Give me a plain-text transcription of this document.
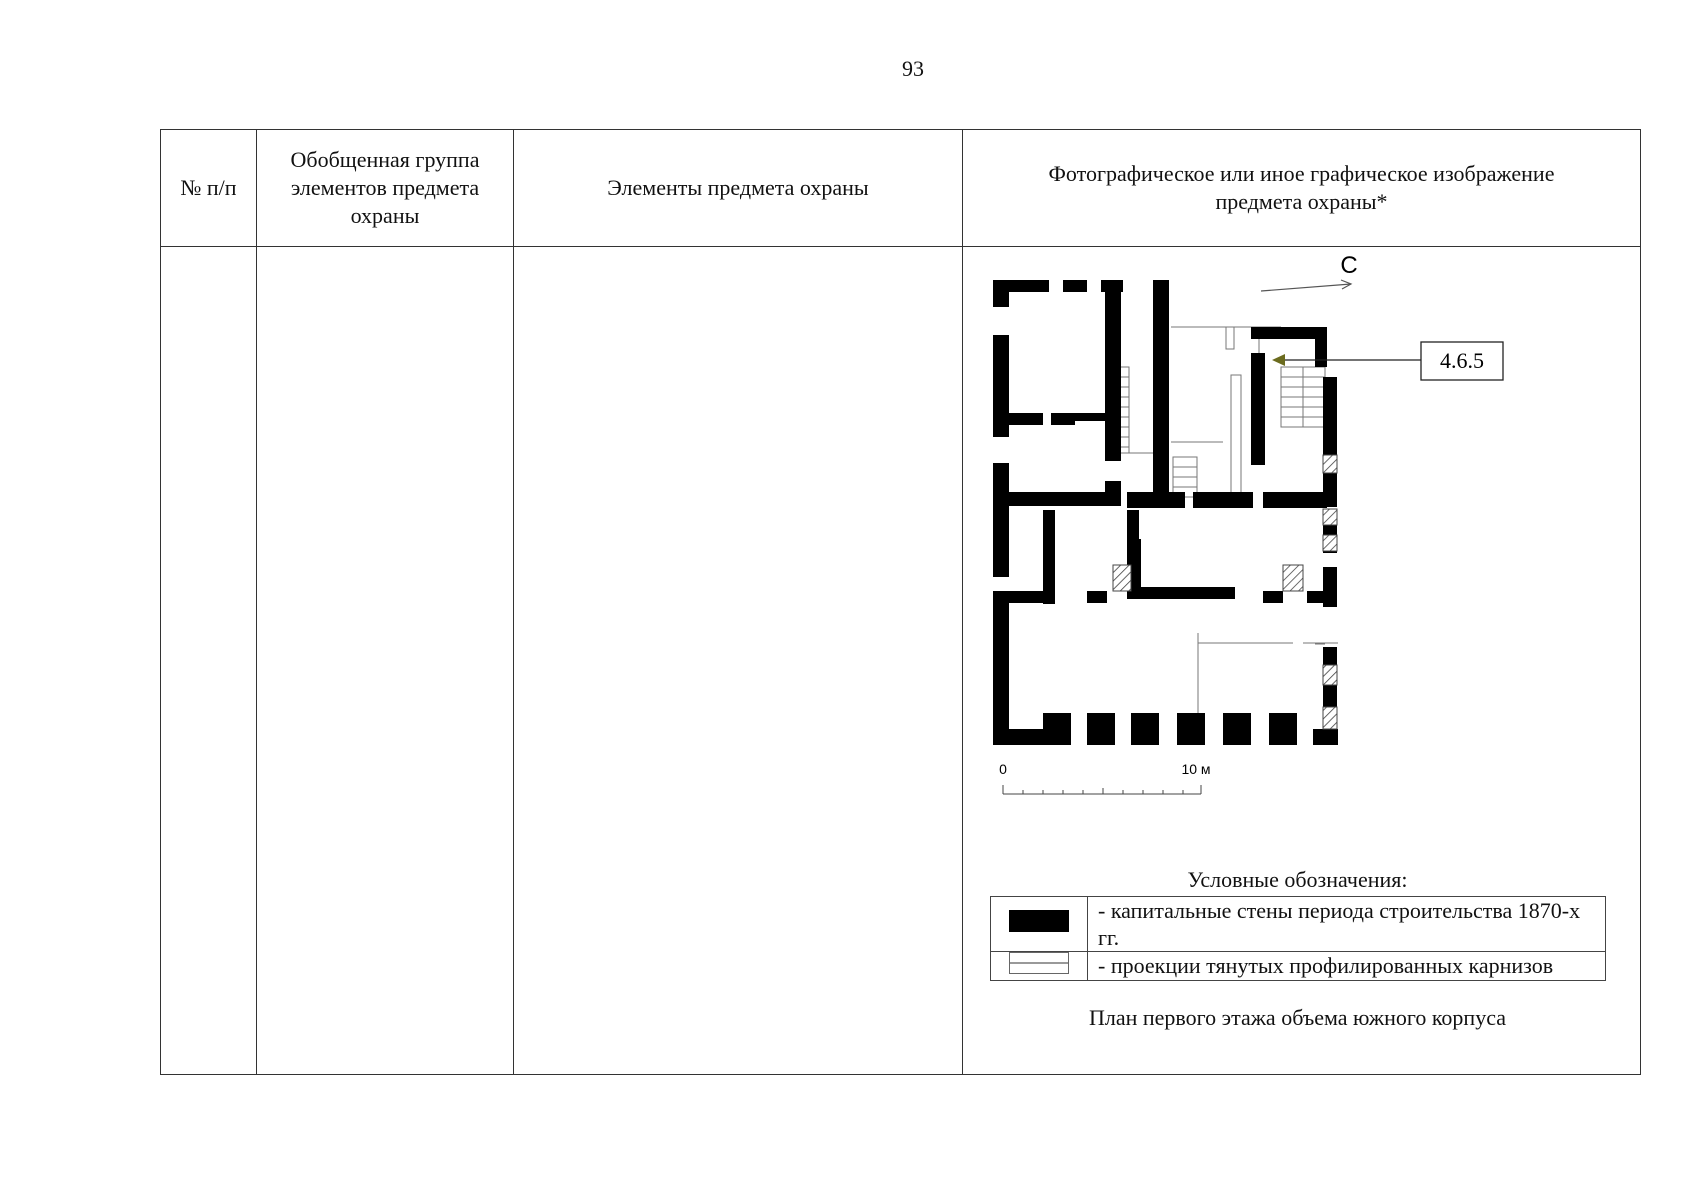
93
№ п/п	Обобщенная группа элементов предмета охраны	Элементы предмета охраны	Фотографическое или иное графическое изображение предмета охраны*

С
4.6.5
0	10 м
Условные обозначения:
	- капитальные стены периода строительства 1870-х гг.
	- проекции тянутых профилированных карнизов
План первого этажа объема южного корпуса
